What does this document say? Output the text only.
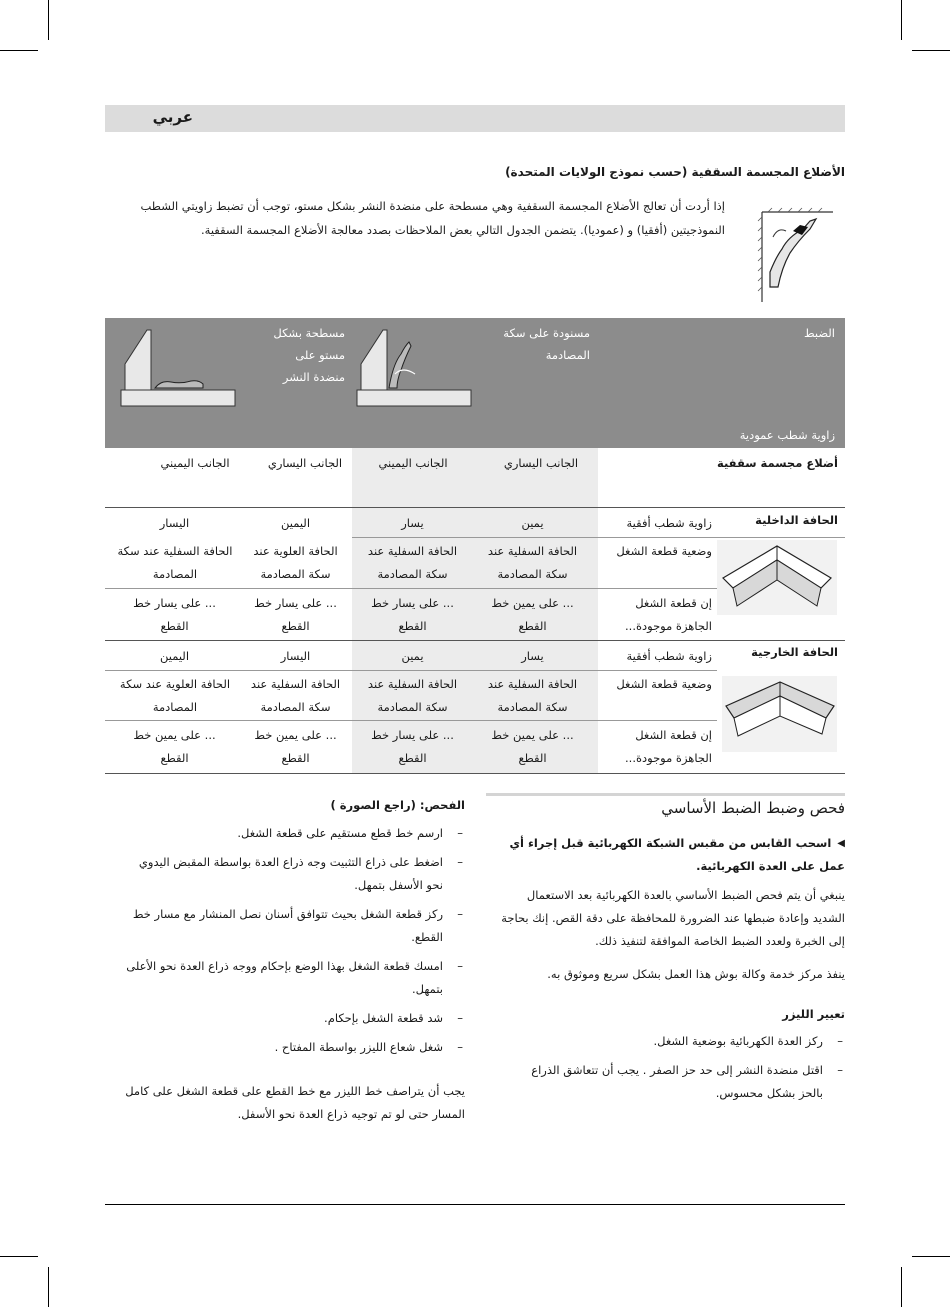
عربي
الأضلاع المجسمة السقفية (حسب نموذج الولايات المتحدة)
إذا أردت أن تعالج الأضلاع المجسمة السقفية وهي مسطحة على منضدة النشر بشكل مستو، توجب أن تضبط زاويتي الشطب النموذجيتين (أفقيا) و (عموديا). يتضمن الجدول التالي بعض الملاحظات بصدد معالجة الأضلاع المجسمة السقفية.
الضبط
مسنودة على سكة المصادمة
مسطحة بشكل مستو على منضدة النشر
زاوية شطب عمودية
أضلاع مجسمة سقفية
الجانب اليساري
الجانب اليميني
الجانب اليساري
الجانب اليميني
الحافة الداخلية
زاوية شطب أفقية
يمين
يسار
اليمين
اليسار
وضعية قطعة الشغل
الحافة السفلية عند سكة المصادمة
الحافة السفلية عند سكة المصادمة
الحافة العلوية عند سكة المصادمة
الحافة السفلية عند سكة المصادمة
إن قطعة الشغل الجاهزة موجودة...
... على يمين خط القطع
... على يسار خط القطع
... على يسار خط القطع
... على يسار خط القطع
الحافة الخارجية
زاوية شطب أفقية
يسار
يمين
اليسار
اليمين
وضعية قطعة الشغل
الحافة السفلية عند سكة المصادمة
الحافة السفلية عند سكة المصادمة
الحافة السفلية عند سكة المصادمة
الحافة العلوية عند سكة المصادمة
إن قطعة الشغل الجاهزة موجودة...
... على يمين خط القطع
... على يسار خط القطع
... على يمين خط القطع
... على يمين خط القطع
فحص وضبط الضبط الأساسي
◀
اسحب القابس من مقبس الشبكة الكهربائية قبل إجراء أي عمل على العدة الكهربائية.
ينبغي أن يتم فحص الضبط الأساسي بالعدة الكهربائية بعد الاستعمال الشديد وإعادة ضبطها عند الضرورة للمحافظة على دقة القص. إنك بحاجة إلى الخبرة ولعدد الضبط الخاصة الموافقة لتنفيذ ذلك.
ينفذ مركز خدمة وكالة بوش هذا العمل بشكل سريع وموثوق به.
تعيير الليزر
– ركز العدة الكهربائية بوضعية الشغل.
– اقتل منضدة النشر إلى حد حز الصفر . يجب أن تتعاشق الذراع بالحز بشكل محسوس.
الفحص: (راجع الصورة )
– ارسم خط قطع مستقيم على قطعة الشغل.
– اضغط على ذراع التثبيت وجه ذراع العدة بواسطة المقبض اليدوي نحو الأسفل بتمهل.
– ركز قطعة الشغل بحيث تتوافق أسنان نصل المنشار مع مسار خط القطع.
– امسك قطعة الشغل بهذا الوضع بإحكام ووجه ذراع العدة نحو الأعلى بتمهل.
– شد قطعة الشغل بإحكام.
– شغل شعاع الليزر بواسطة المفتاح .
يجب أن يتراصف خط الليزر مع خط القطع على قطعة الشغل على كامل المسار حتى لو تم توجيه ذراع العدة نحو الأسفل.
